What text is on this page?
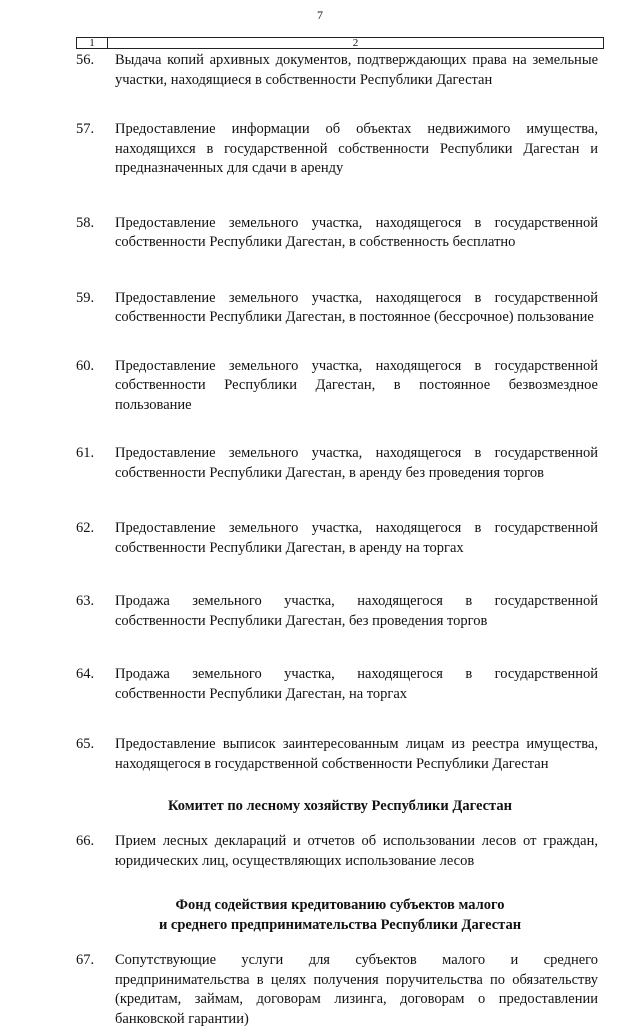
7
1	2
56. Выдача копий архивных документов, подтверждающих права на земельные участки, находящиеся в собственности Республики Дагестан
57. Предоставление информации об объектах недвижимого имущества, находящихся в государственной собственности Республики Дагестан и предназначенных для сдачи в аренду
58. Предоставление земельного участка, находящегося в государственной собственности Республики Дагестан, в собственность бесплатно
59. Предоставление земельного участка, находящегося в государственной собственности Республики Дагестан, в постоянное (бессрочное) пользование
60. Предоставление земельного участка, находящегося в государственной собственности Республики Дагестан, в постоянное безвозмездное пользование
61. Предоставление земельного участка, находящегося в государственной собственности Республики Дагестан, в аренду без проведения торгов
62. Предоставление земельного участка, находящегося в государственной собственности Республики Дагестан, в аренду на торгах
63. Продажа земельного участка, находящегося в государственной собственности Республики Дагестан, без проведения торгов
64. Продажа земельного участка, находящегося в государственной собственности Республики Дагестан, на торгах
65. Предоставление выписок заинтересованным лицам из реестра имущества, находящегося в государственной собственности Республики Дагестан
Комитет по лесному хозяйству Республики Дагестан
66. Прием лесных деклараций и отчетов об использовании лесов от граждан, юридических лиц, осуществляющих использование лесов
Фонд содействия кредитованию субъектов малого
и среднего предпринимательства Республики Дагестан
67. Сопутствующие услуги для субъектов малого и среднего предпринимательства в целях получения поручительства по обязательству (кредитам, займам, договорам лизинга, договорам о предоставлении банковской гарантии)
